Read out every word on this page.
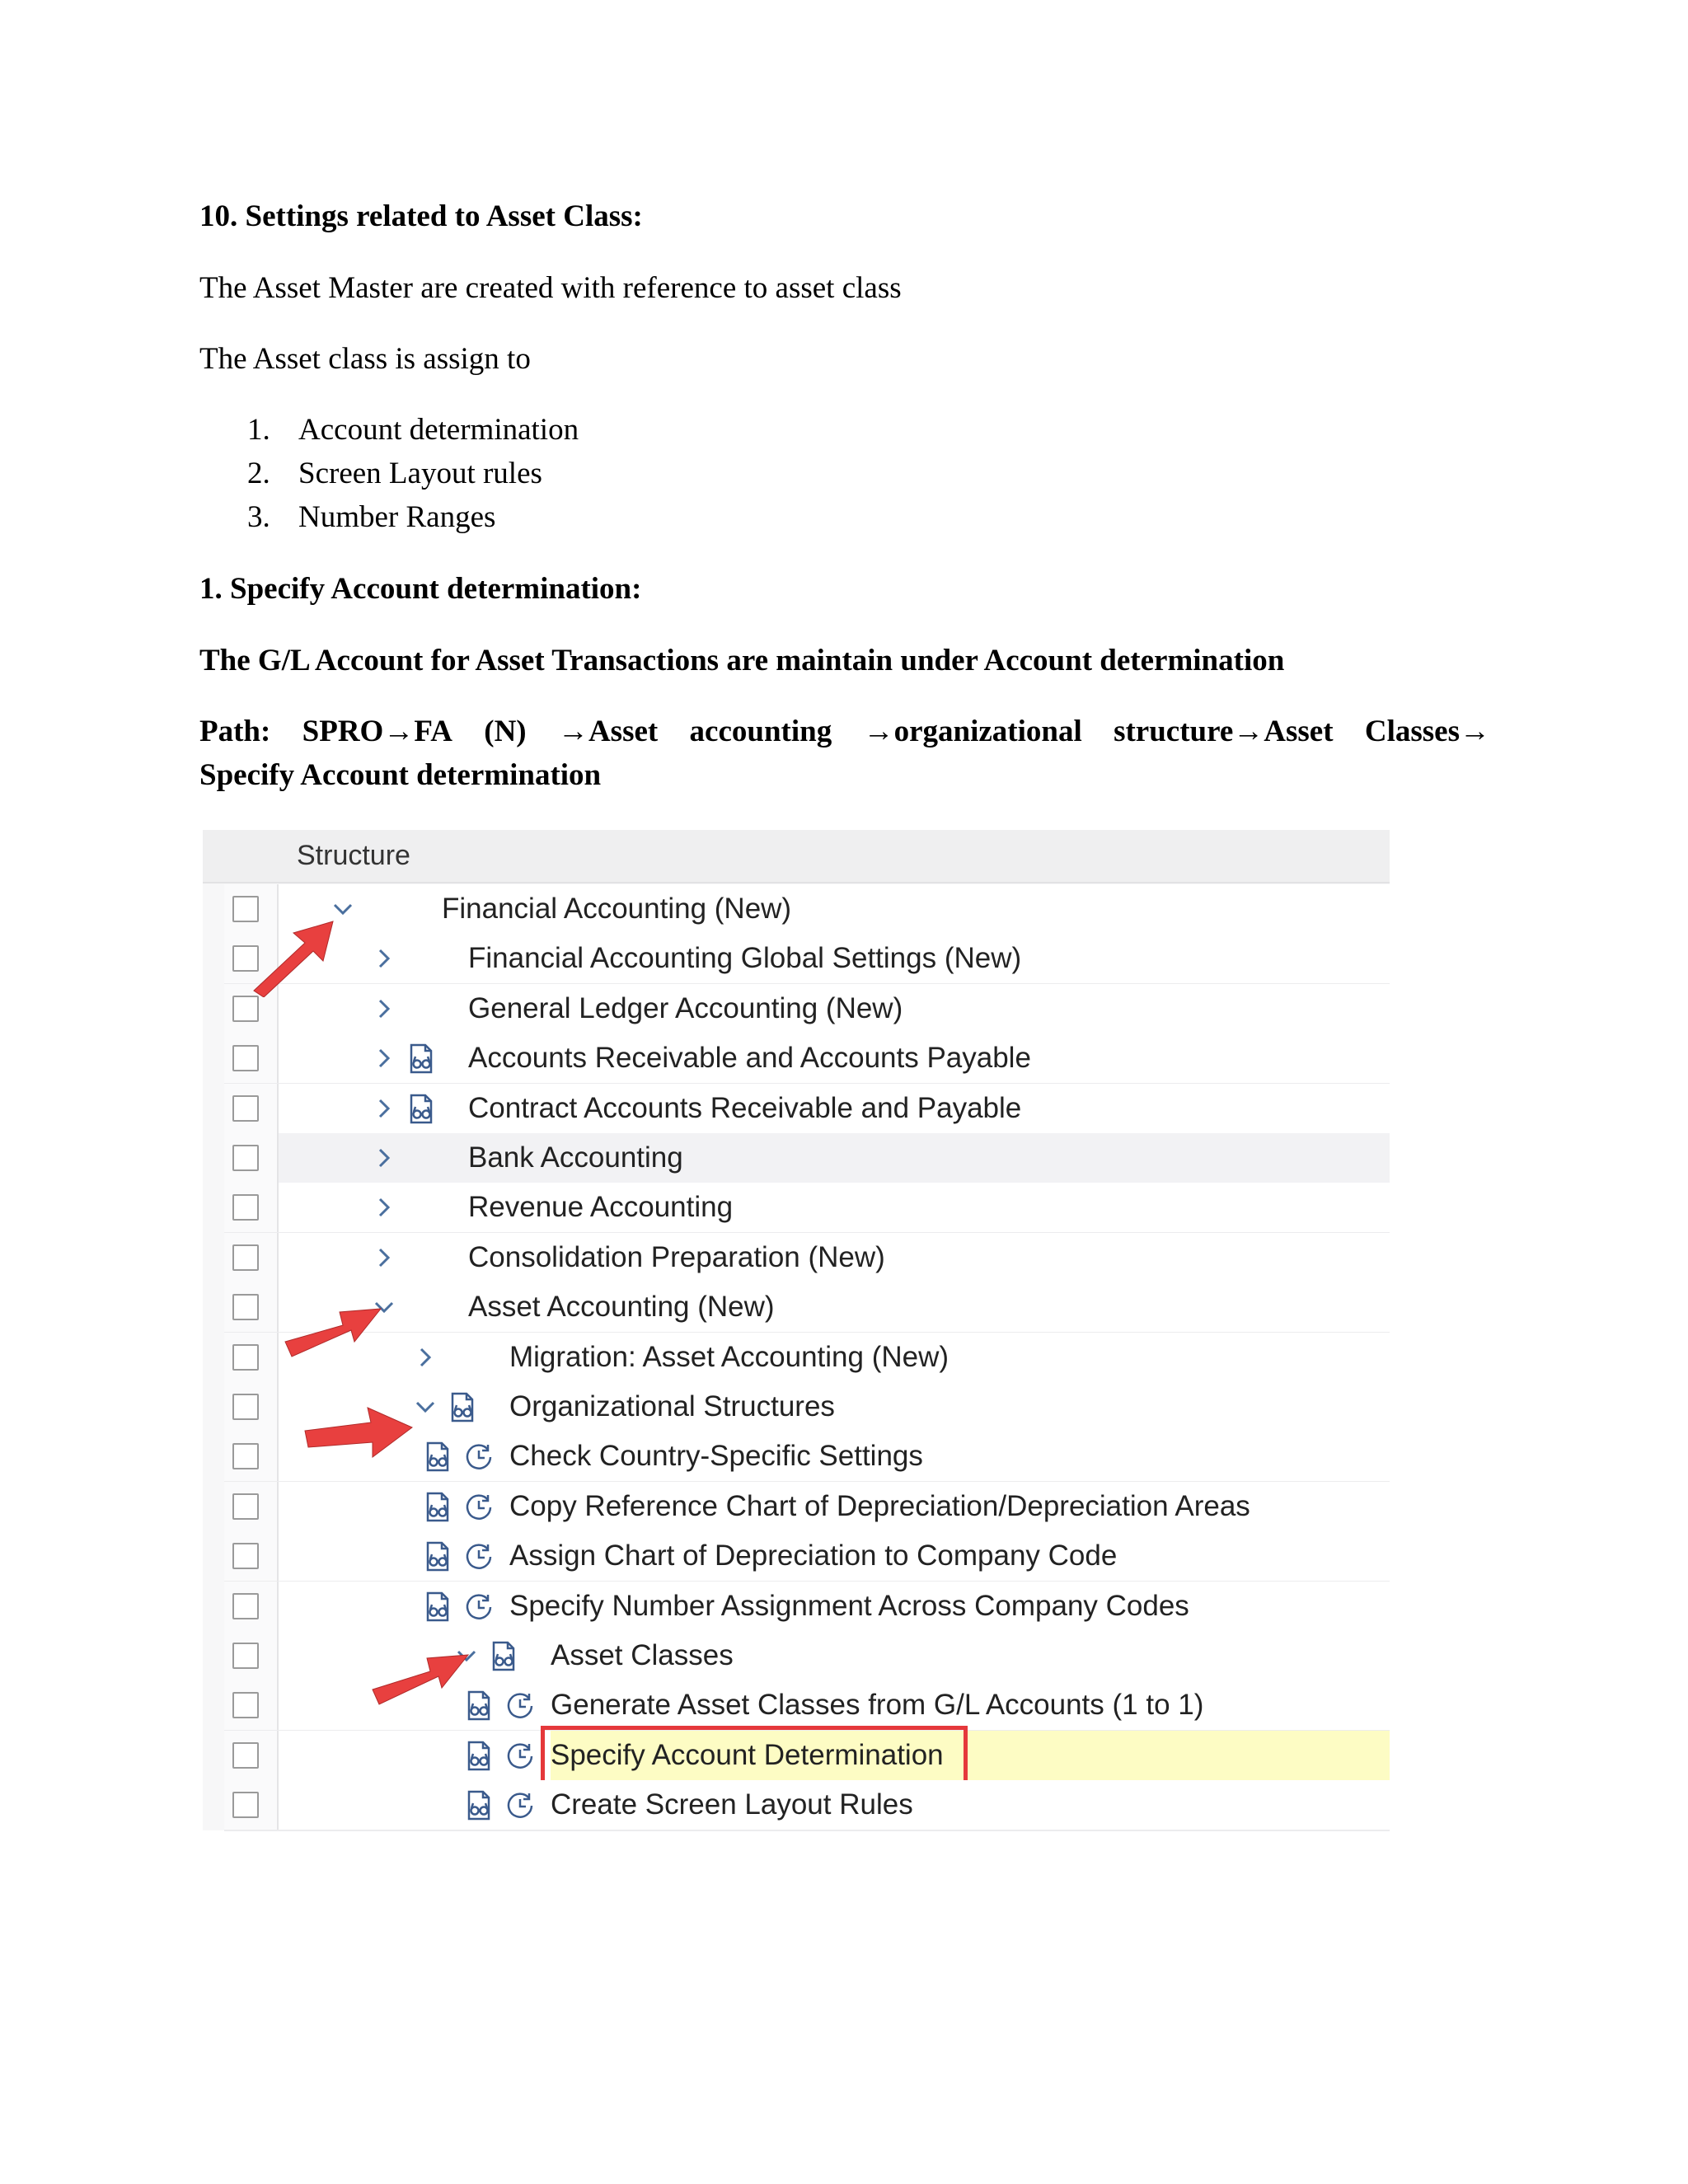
10. Settings related to Asset Class:
The Asset Master are created with reference to asset class
The Asset class is assign to
1. Account determination
2. Screen Layout rules
3. Number Ranges
1. Specify Account determination:
The G/L Account for Asset Transactions are maintain under Account determination
Path: SPRO→FA (N) →Asset accounting →organizational structure→Asset Classes→
Specify Account determination
Structure
Financial Accounting (New)
Financial Accounting Global Settings (New)
General Ledger Accounting (New)
Accounts Receivable and Accounts Payable
Contract Accounts Receivable and Payable
Bank Accounting
Revenue Accounting
Consolidation Preparation (New)
Asset Accounting (New)
Migration: Asset Accounting (New)
Organizational Structures
Check Country-Specific Settings
Copy Reference Chart of Depreciation/Depreciation Areas
Assign Chart of Depreciation to Company Code
Specify Number Assignment Across Company Codes
Asset Classes
Generate Asset Classes from G/L Accounts (1 to 1)
Specify Account Determination
Create Screen Layout Rules
